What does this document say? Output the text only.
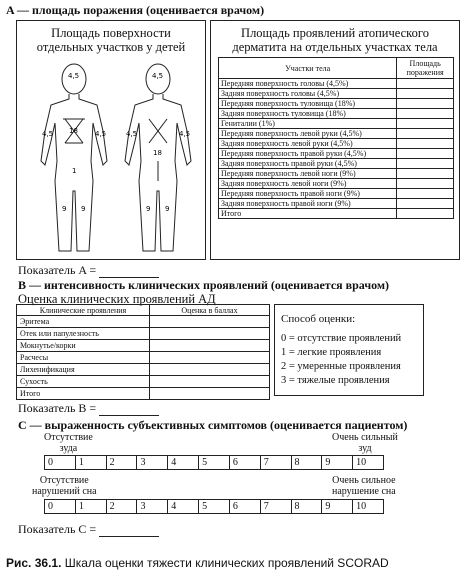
A — площадь поражения (оценивается врачом)
Площадь поверхности
отдельных участков у детей
4,5
4,5	4,5
18
1
9 9
4,5
4,5	4,5
18
9 9
Площадь проявлений атопического
дерматита на отдельных участках тела
Участки тела	Площадь поражения
Передняя поверхность головы (4,5%)	
Задняя поверхность головы (4,5%)	
Передняя поверхность туловища (18%)	
Задняя поверхность туловища (18%)	
Гениталии (1%)	
Передняя поверхность левой руки (4,5%)	
Задняя поверхность левой руки (4,5%)	
Передняя поверхность правой руки (4,5%)	
Задняя поверхность правой руки (4,5%)	
Передняя поверхность левой ноги (9%)	
Задняя поверхность левой ноги (9%)	
Передняя поверхность правой ноги (9%)	
Задняя поверхность правой ноги (9%)	
Итого	
Показатель A =
B — интенсивность клинических проявлений (оценивается врачом)
Оценка клинических проявлений АД
Клинические проявления	Оценка в баллах
Эритема	
Отек или папулезность	
Мокнутье/корки	
Расчесы	
Лихенификация	
Сухость	
Итого	
Способ оценки:
0 = отсутствие проявлений
1 = легкие проявления
2 = умеренные проявления
3 = тяжелые проявления
Показатель B =
C — выраженность субъективных симптомов (оценивается пациентом)
Отсутствие
зуда
Очень сильный
зуд
0	1	2	3	4	5	6	7	8	9	10
Отсутствие
нарушений сна
Очень сильное
нарушение сна
0	1	2	3	4	5	6	7	8	9	10
Показатель C =
Рис. 36.1. Шкала оценки тяжести клинических проявлений SCORAD
